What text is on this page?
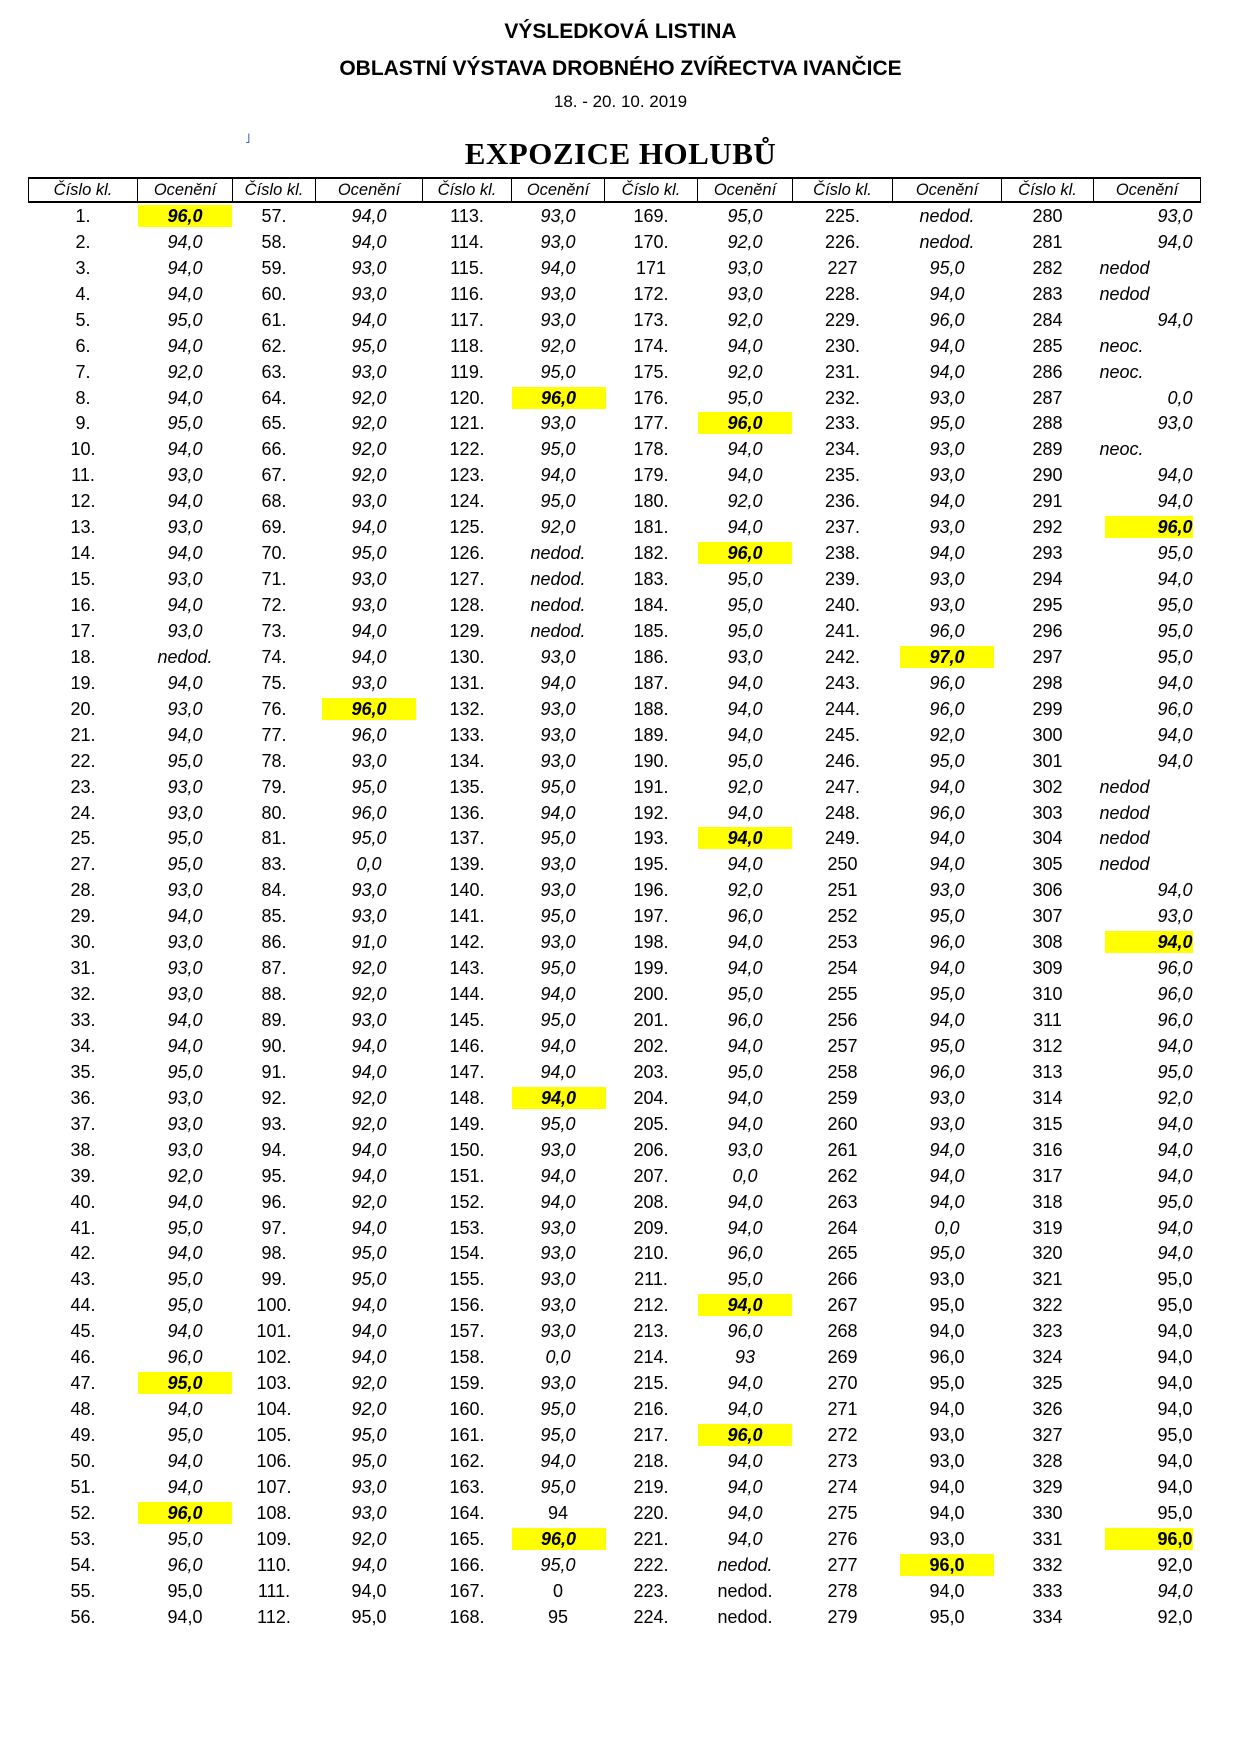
VÝSLEDKOVÁ LISTINA
OBLASTNÍ VÝSTAVA DROBNÉHO ZVÍŘECTVA IVANČICE
18. - 20. 10. 2019
˩	EXPOZICE HOLUBŮ
Číslo kl.	Ocenění	Číslo kl.	Ocenění	Číslo kl.	Ocenění	Číslo kl.	Ocenění	Číslo kl.	Ocenění	Číslo kl.	Ocenění
1.	96,0	57.	94,0	113.	93,0	169.	95,0	225.	nedod.	280	93,0
2.	94,0	58.	94,0	114.	93,0	170.	92,0	226.	nedod.	281	94,0
3.	94,0	59.	93,0	115.	94,0	171	93,0	227	95,0	282	nedod
4.	94,0	60.	93,0	116.	93,0	172.	93,0	228.	94,0	283	nedod
5.	95,0	61.	94,0	117.	93,0	173.	92,0	229.	96,0	284	94,0
6.	94,0	62.	95,0	118.	92,0	174.	94,0	230.	94,0	285	neoc.
7.	92,0	63.	93,0	119.	95,0	175.	92,0	231.	94,0	286	neoc.
8.	94,0	64.	92,0	120.	96,0	176.	95,0	232.	93,0	287	0,0
9.	95,0	65.	92,0	121.	93,0	177.	96,0	233.	95,0	288	93,0
10.	94,0	66.	92,0	122.	95,0	178.	94,0	234.	93,0	289	neoc.
11.	93,0	67.	92,0	123.	94,0	179.	94,0	235.	93,0	290	94,0
12.	94,0	68.	93,0	124.	95,0	180.	92,0	236.	94,0	291	94,0
13.	93,0	69.	94,0	125.	92,0	181.	94,0	237.	93,0	292	96,0
14.	94,0	70.	95,0	126.	nedod.	182.	96,0	238.	94,0	293	95,0
15.	93,0	71.	93,0	127.	nedod.	183.	95,0	239.	93,0	294	94,0
16.	94,0	72.	93,0	128.	nedod.	184.	95,0	240.	93,0	295	95,0
17.	93,0	73.	94,0	129.	nedod.	185.	95,0	241.	96,0	296	95,0
18.	nedod.	74.	94,0	130.	93,0	186.	93,0	242.	97,0	297	95,0
19.	94,0	75.	93,0	131.	94,0	187.	94,0	243.	96,0	298	94,0
20.	93,0	76.	96,0	132.	93,0	188.	94,0	244.	96,0	299	96,0
21.	94,0	77.	96,0	133.	93,0	189.	94,0	245.	92,0	300	94,0
22.	95,0	78.	93,0	134.	93,0	190.	95,0	246.	95,0	301	94,0
23.	93,0	79.	95,0	135.	95,0	191.	92,0	247.	94,0	302	nedod
24.	93,0	80.	96,0	136.	94,0	192.	94,0	248.	96,0	303	nedod
25.	95,0	81.	95,0	137.	95,0	193.	94,0	249.	94,0	304	nedod
27.	95,0	83.	0,0	139.	93,0	195.	94,0	250	94,0	305	nedod
28.	93,0	84.	93,0	140.	93,0	196.	92,0	251	93,0	306	94,0
29.	94,0	85.	93,0	141.	95,0	197.	96,0	252	95,0	307	93,0
30.	93,0	86.	91,0	142.	93,0	198.	94,0	253	96,0	308	94,0
31.	93,0	87.	92,0	143.	95,0	199.	94,0	254	94,0	309	96,0
32.	93,0	88.	92,0	144.	94,0	200.	95,0	255	95,0	310	96,0
33.	94,0	89.	93,0	145.	95,0	201.	96,0	256	94,0	311	96,0
34.	94,0	90.	94,0	146.	94,0	202.	94,0	257	95,0	312	94,0
35.	95,0	91.	94,0	147.	94,0	203.	95,0	258	96,0	313	95,0
36.	93,0	92.	92,0	148.	94,0	204.	94,0	259	93,0	314	92,0
37.	93,0	93.	92,0	149.	95,0	205.	94,0	260	93,0	315	94,0
38.	93,0	94.	94,0	150.	93,0	206.	93,0	261	94,0	316	94,0
39.	92,0	95.	94,0	151.	94,0	207.	0,0	262	94,0	317	94,0
40.	94,0	96.	92,0	152.	94,0	208.	94,0	263	94,0	318	95,0
41.	95,0	97.	94,0	153.	93,0	209.	94,0	264	0,0	319	94,0
42.	94,0	98.	95,0	154.	93,0	210.	96,0	265	95,0	320	94,0
43.	95,0	99.	95,0	155.	93,0	211.	95,0	266	93,0	321	95,0
44.	95,0	100.	94,0	156.	93,0	212.	94,0	267	95,0	322	95,0
45.	94,0	101.	94,0	157.	93,0	213.	96,0	268	94,0	323	94,0
46.	96,0	102.	94,0	158.	0,0	214.	93	269	96,0	324	94,0
47.	95,0	103.	92,0	159.	93,0	215.	94,0	270	95,0	325	94,0
48.	94,0	104.	92,0	160.	95,0	216.	94,0	271	94,0	326	94,0
49.	95,0	105.	95,0	161.	95,0	217.	96,0	272	93,0	327	95,0
50.	94,0	106.	95,0	162.	94,0	218.	94,0	273	93,0	328	94,0
51.	94,0	107.	93,0	163.	95,0	219.	94,0	274	94,0	329	94,0
52.	96,0	108.	93,0	164.	94	220.	94,0	275	94,0	330	95,0
53.	95,0	109.	92,0	165.	96,0	221.	94,0	276	93,0	331	96,0
54.	96,0	110.	94,0	166.	95,0	222.	nedod.	277	96,0	332	92,0
55.	95,0	111.	94,0	167.	0	223.	nedod.	278	94,0	333	94,0
56.	94,0	112.	95,0	168.	95	224.	nedod.	279	95,0	334	92,0
